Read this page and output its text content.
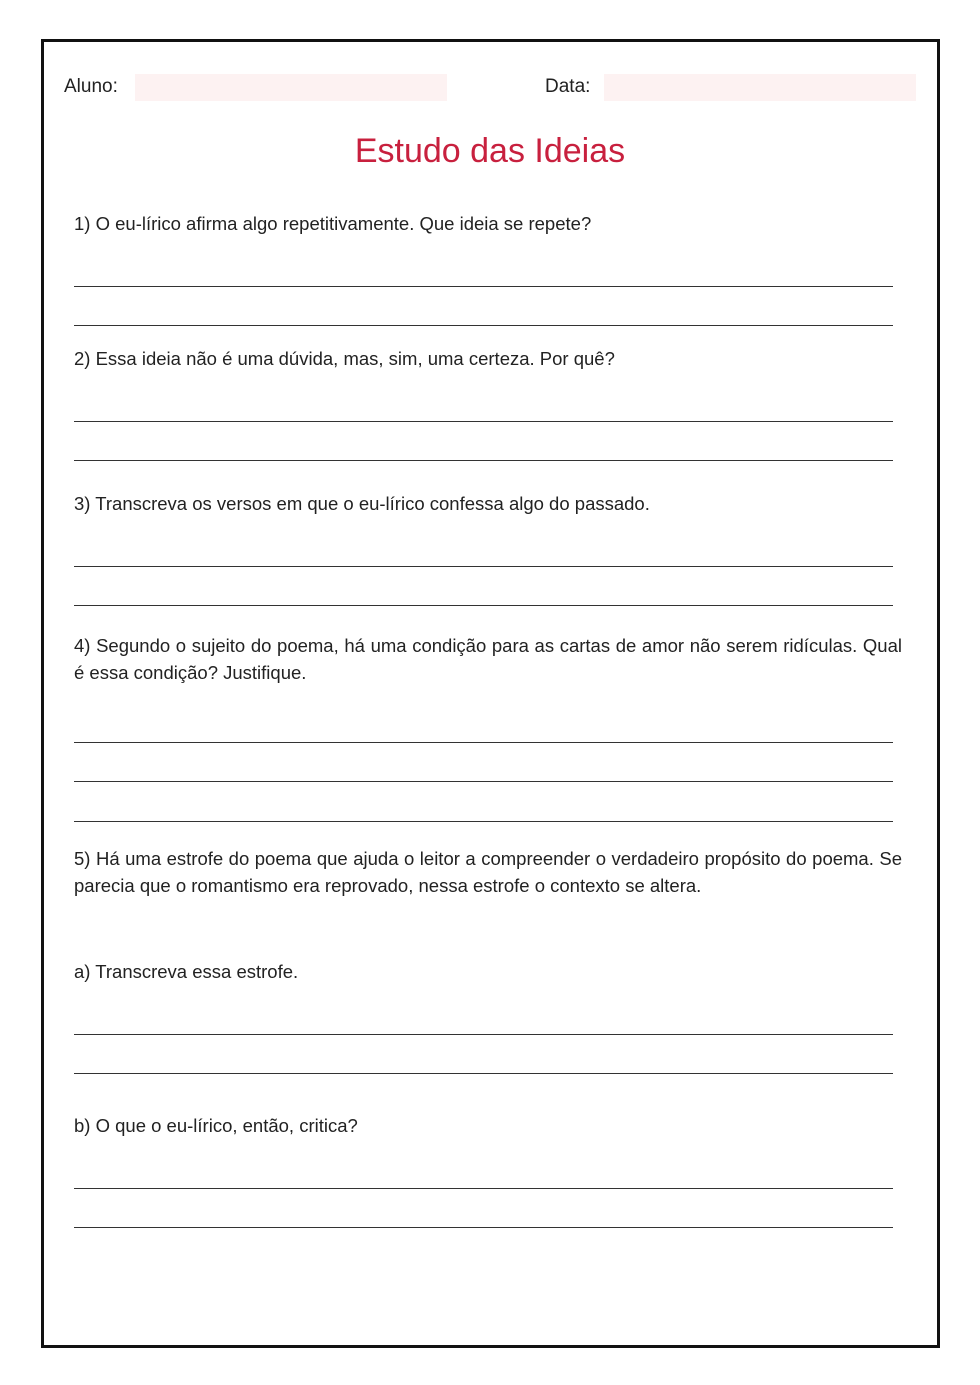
Aluno:	Data:
Estudo das Ideias
1) O eu-lírico afirma algo repetitivamente. Que ideia se repete?
2) Essa ideia não é uma dúvida, mas, sim, uma certeza. Por quê?
3) Transcreva os versos em que o eu-lírico confessa algo do passado.
4) Segundo o sujeito do poema, há uma condição para as cartas de amor não serem ridículas. Qual é essa condição? Justifique.
5) Há uma estrofe do poema que ajuda o leitor a compreender o verdadeiro propósito do poema. Se parecia que o romantismo era reprovado, nessa estrofe o contexto se altera.
a) Transcreva essa estrofe.
b) O que o eu-lírico, então, critica?
